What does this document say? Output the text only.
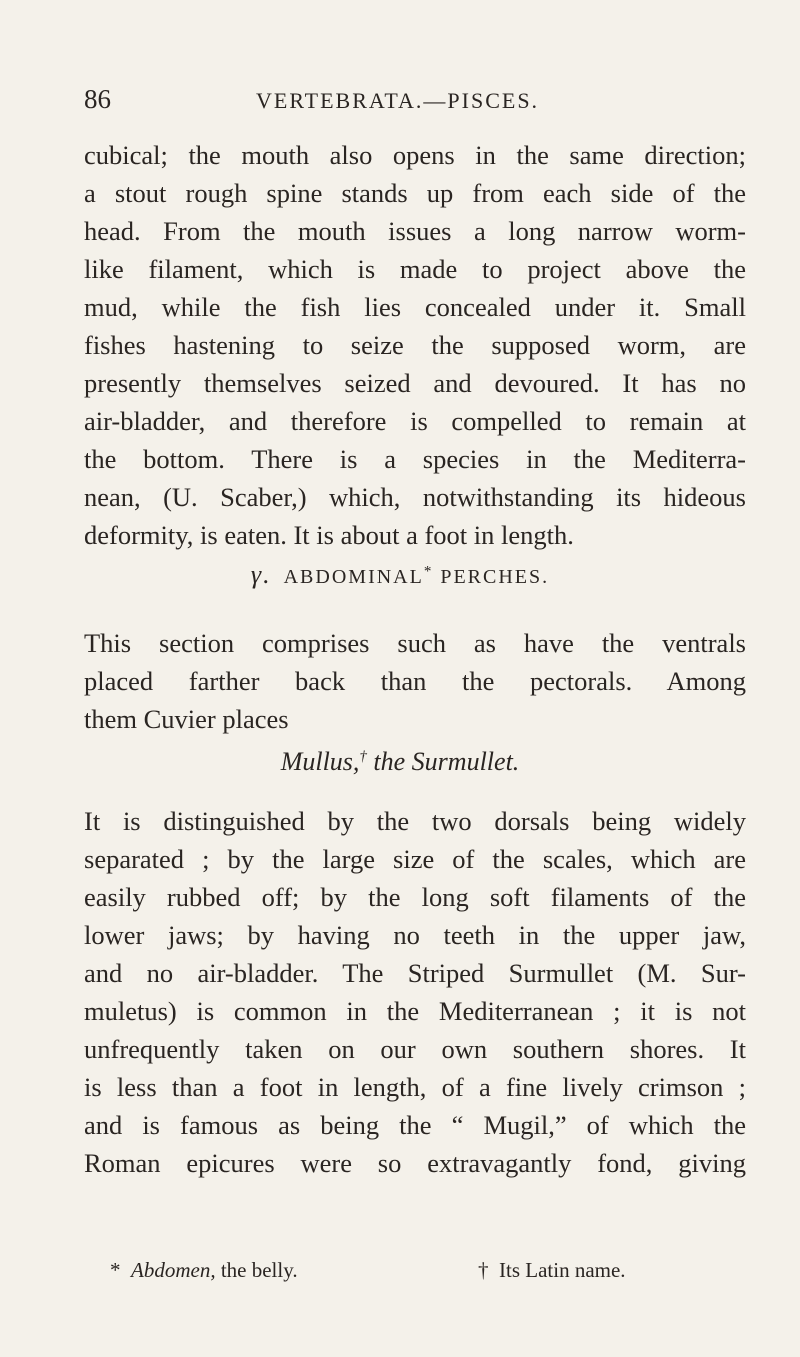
86	VERTEBRATA.—PISCES.
cubical; the mouth also opens in the same direction;
a stout rough spine stands up from each side of the
head. From the mouth issues a long narrow worm-
like filament, which is made to project above the
mud, while the fish lies concealed under it. Small
fishes hastening to seize the supposed worm, are
presently themselves seized and devoured. It has no
air-bladder, and therefore is compelled to remain at
the bottom. There is a species in the Mediterra-
nean, (U. Scaber,) which, notwithstanding its hideous
deformity, is eaten. It is about a foot in length.
γ. ABDOMINAL* PERCHES.
This section comprises such as have the ventrals
placed farther back than the pectorals. Among
them Cuvier places
Mullus,† the Surmullet.
It is distinguished by the two dorsals being widely
separated ; by the large size of the scales, which are
easily rubbed off; by the long soft filaments of the
lower jaws; by having no teeth in the upper jaw,
and no air-bladder. The Striped Surmullet (M. Sur-
muletus) is common in the Mediterranean ; it is not
unfrequently taken on our own southern shores. It
is less than a foot in length, of a fine lively crimson ;
and is famous as being the “ Mugil,” of which the
Roman epicures were so extravagantly fond, giving
* Abdomen, the belly.	† Its Latin name.
